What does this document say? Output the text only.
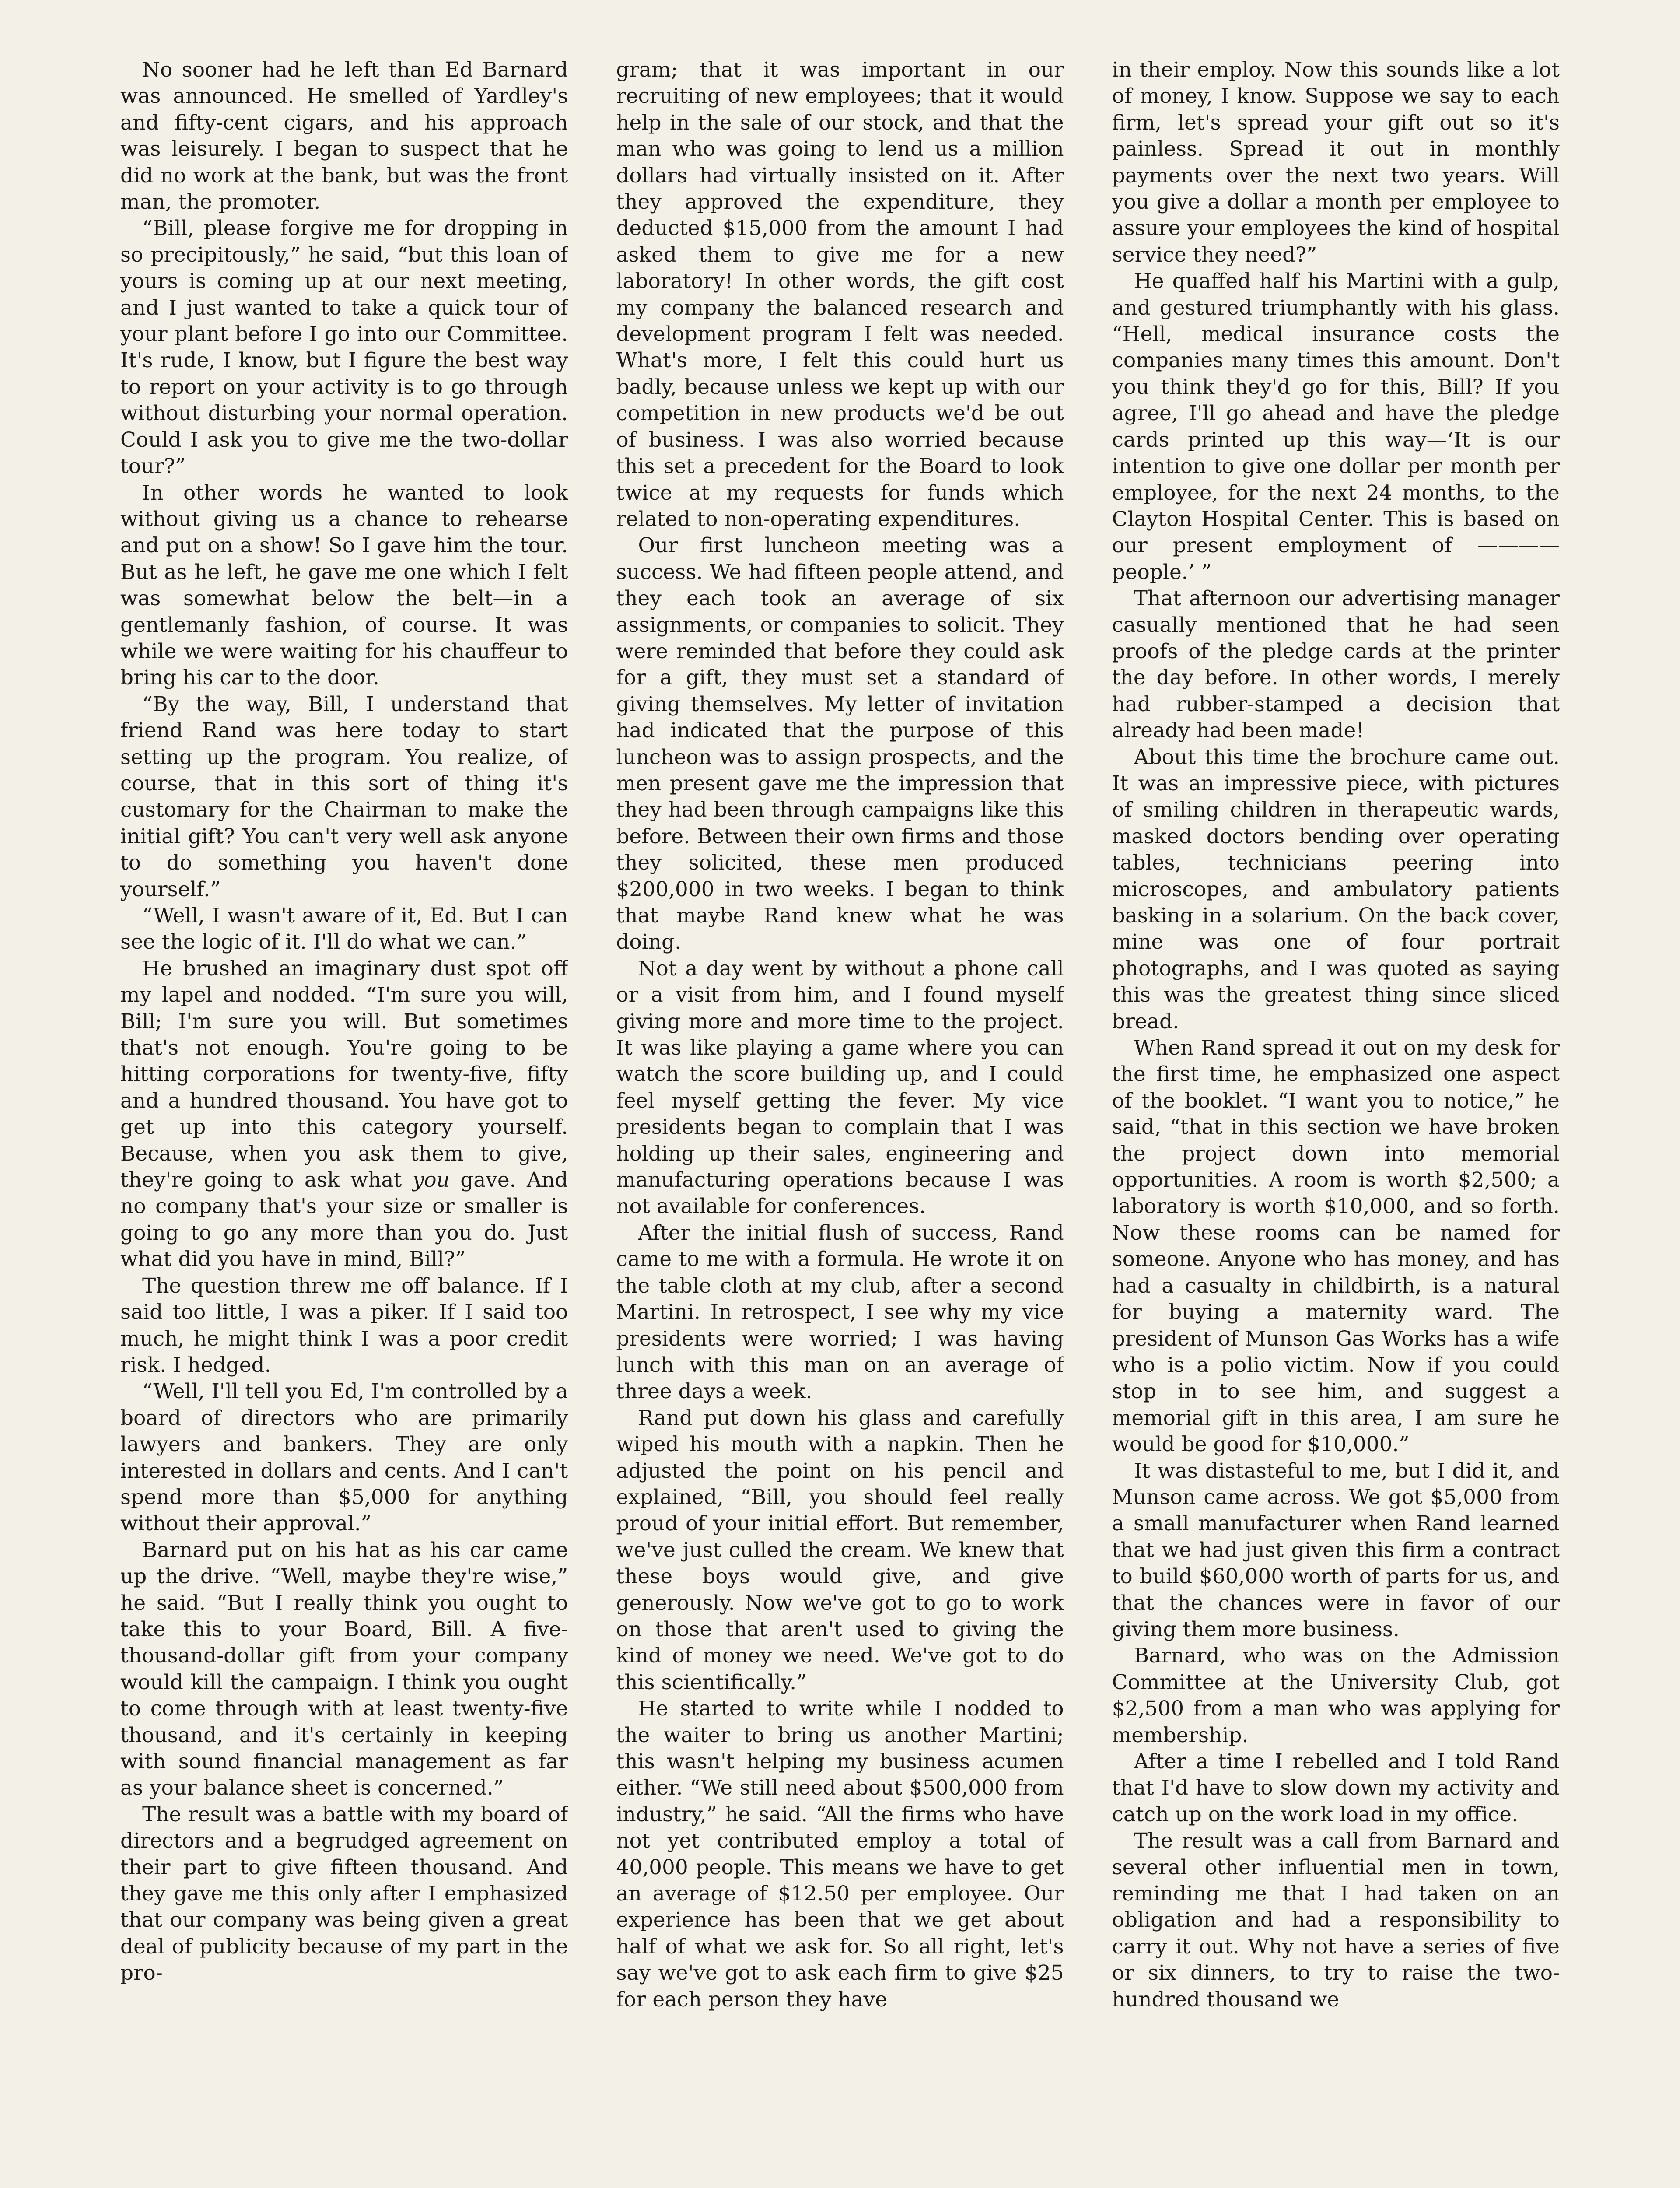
No sooner had he left than Ed Barnard was announced. He smelled of Yardley's and fifty-cent cigars, and his approach was leisurely. I began to suspect that he did no work at the bank, but was the front man, the promoter.

“Bill, please forgive me for dropping in so precipitously,” he said, “but this loan of yours is coming up at our next meeting, and I just wanted to take a quick tour of your plant before I go into our Committee. It's rude, I know, but I figure the best way to report on your activity is to go through without disturbing your normal operation. Could I ask you to give me the two-dollar tour?”

In other words he wanted to look without giving us a chance to rehearse and put on a show! So I gave him the tour. But as he left, he gave me one which I felt was somewhat below the belt—in a gentlemanly fashion, of course. It was while we were waiting for his chauffeur to bring his car to the door.

“By the way, Bill, I understand that friend Rand was here today to start setting up the program. You realize, of course, that in this sort of thing it's customary for the Chairman to make the initial gift? You can't very well ask anyone to do something you haven't done yourself.”

“Well, I wasn't aware of it, Ed. But I can see the logic of it. I'll do what we can.”

He brushed an imaginary dust spot off my lapel and nodded. “I'm sure you will, Bill; I'm sure you will. But sometimes that's not enough. You're going to be hitting corporations for twenty-five, fifty and a hundred thousand. You have got to get up into this category yourself. Because, when you ask them to give, they're going to ask what you gave. And no company that's your size or smaller is going to go any more than you do. Just what did you have in mind, Bill?”

The question threw me off balance. If I said too little, I was a piker. If I said too much, he might think I was a poor credit risk. I hedged.

“Well, I'll tell you Ed, I'm controlled by a board of directors who are primarily lawyers and bankers. They are only interested in dollars and cents. And I can't spend more than $5,000 for anything without their approval.”

Barnard put on his hat as his car came up the drive. “Well, maybe they're wise,” he said. “But I really think you ought to take this to your Board, Bill. A five-thousand-dollar gift from your company would kill the campaign. I think you ought to come through with at least twenty-five thousand, and it's certainly in keeping with sound financial management as far as your balance sheet is concerned.”

The result was a battle with my board of directors and a begrudged agreement on their part to give fifteen thousand. And they gave me this only after I emphasized that our company was being given a great deal of publicity because of my part in the pro-

gram; that it was important in our recruiting of new employees; that it would help in the sale of our stock, and that the man who was going to lend us a million dollars had virtually insisted on it. After they approved the expenditure, they deducted $15,000 from the amount I had asked them to give me for a new laboratory! In other words, the gift cost my company the balanced research and development program I felt was needed. What's more, I felt this could hurt us badly, because unless we kept up with our competition in new products we'd be out of business. I was also worried because this set a precedent for the Board to look twice at my requests for funds which related to non-operating expenditures.

Our first luncheon meeting was a success. We had fifteen people attend, and they each took an average of six assignments, or companies to solicit. They were reminded that before they could ask for a gift, they must set a standard of giving themselves. My letter of invitation had indicated that the purpose of this luncheon was to assign prospects, and the men present gave me the impression that they had been through campaigns like this before. Between their own firms and those they solicited, these men produced $200,000 in two weeks. I began to think that maybe Rand knew what he was doing.

Not a day went by without a phone call or a visit from him, and I found myself giving more and more time to the project. It was like playing a game where you can watch the score building up, and I could feel myself getting the fever. My vice presidents began to complain that I was holding up their sales, engineering and manufacturing operations because I was not available for conferences.

After the initial flush of success, Rand came to me with a formula. He wrote it on the table cloth at my club, after a second Martini. In retrospect, I see why my vice presidents were worried; I was having lunch with this man on an average of three days a week.

Rand put down his glass and carefully wiped his mouth with a napkin. Then he adjusted the point on his pencil and explained, “Bill, you should feel really proud of your initial effort. But remember, we've just culled the cream. We knew that these boys would give, and give generously. Now we've got to go to work on those that aren't used to giving the kind of money we need. We've got to do this scientifically.”

He started to write while I nodded to the waiter to bring us another Martini; this wasn't helping my business acumen either. “We still need about $500,000 from industry,” he said. “All the firms who have not yet contributed employ a total of 40,000 people. This means we have to get an average of $12.50 per employee. Our experience has been that we get about half of what we ask for. So all right, let's say we've got to ask each firm to give $25 for each person they have

in their employ. Now this sounds like a lot of money, I know. Suppose we say to each firm, let's spread your gift out so it's painless. Spread it out in monthly payments over the next two years. Will you give a dollar a month per employee to assure your employees the kind of hospital service they need?”

He quaffed half his Martini with a gulp, and gestured triumphantly with his glass. “Hell, medical insurance costs the companies many times this amount. Don't you think they'd go for this, Bill? If you agree, I'll go ahead and have the pledge cards printed up this way—‘It is our intention to give one dollar per month per employee, for the next 24 months, to the Clayton Hospital Center. This is based on our present employment of ———— people.’ ”

That afternoon our advertising manager casually mentioned that he had seen proofs of the pledge cards at the printer the day before. In other words, I merely had rubber-stamped a decision that already had been made!

About this time the brochure came out. It was an impressive piece, with pictures of smiling children in therapeutic wards, masked doctors bending over operating tables, technicians peering into microscopes, and ambulatory patients basking in a solarium. On the back cover, mine was one of four portrait photographs, and I was quoted as saying this was the greatest thing since sliced bread.

When Rand spread it out on my desk for the first time, he emphasized one aspect of the booklet. “I want you to notice,” he said, “that in this section we have broken the project down into memorial opportunities. A room is worth $2,500; a laboratory is worth $10,000, and so forth. Now these rooms can be named for someone. Anyone who has money, and has had a casualty in childbirth, is a natural for buying a maternity ward. The president of Munson Gas Works has a wife who is a polio victim. Now if you could stop in to see him, and suggest a memorial gift in this area, I am sure he would be good for $10,000.”

It was distasteful to me, but I did it, and Munson came across. We got $5,000 from a small manufacturer when Rand learned that we had just given this firm a contract to build $60,000 worth of parts for us, and that the chances were in favor of our giving them more business.

Barnard, who was on the Admission Committee at the University Club, got $2,500 from a man who was applying for membership.

After a time I rebelled and I told Rand that I'd have to slow down my activity and catch up on the work load in my office.

The result was a call from Barnard and several other influential men in town, reminding me that I had taken on an obligation and had a responsibility to carry it out. Why not have a series of five or six dinners, to try to raise the two-hundred thousand we
